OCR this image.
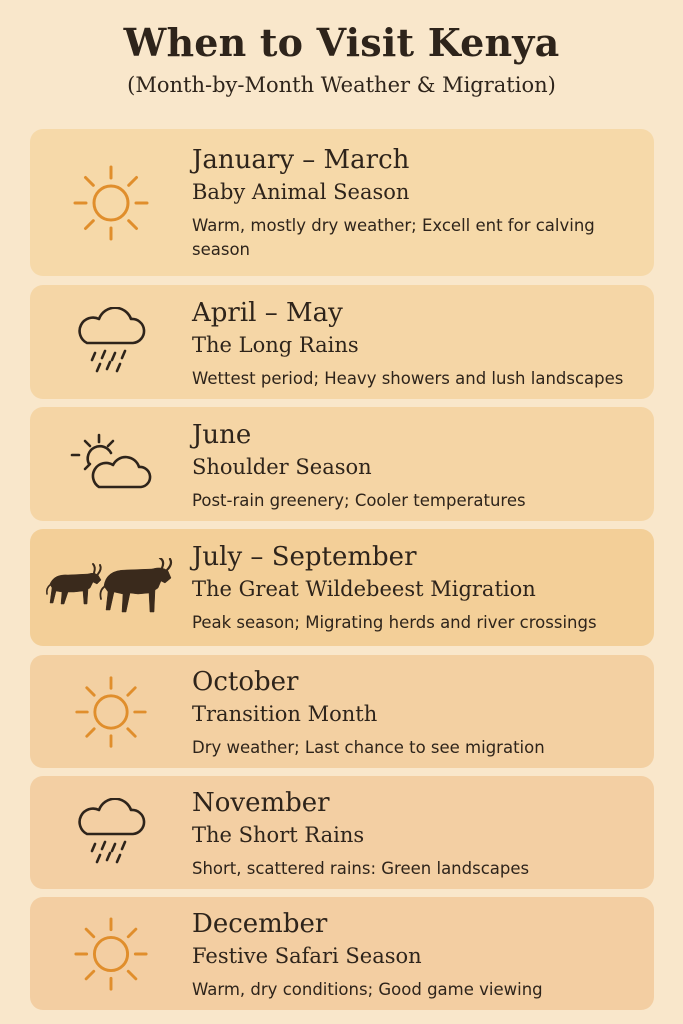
When to Visit Kenya

(Month-by-Month Weather & Migration)

January – March

Baby Animal Season

Warm, mostly dry weather; Excell ent for calving season

April – May

The Long Rains

Wettest period; Heavy showers and lush landscapes

June

Shoulder Season

Post-rain greenery; Cooler temperatures

July – September

The Great Wildebeest Migration

Peak season; Migrating herds and river crossings

October

Transition Month

Dry weather; Last chance to see migration

November

The Short Rains

Short, scattered rains: Green landscapes

December

Festive Safari Season

Warm, dry conditions; Good game viewing
